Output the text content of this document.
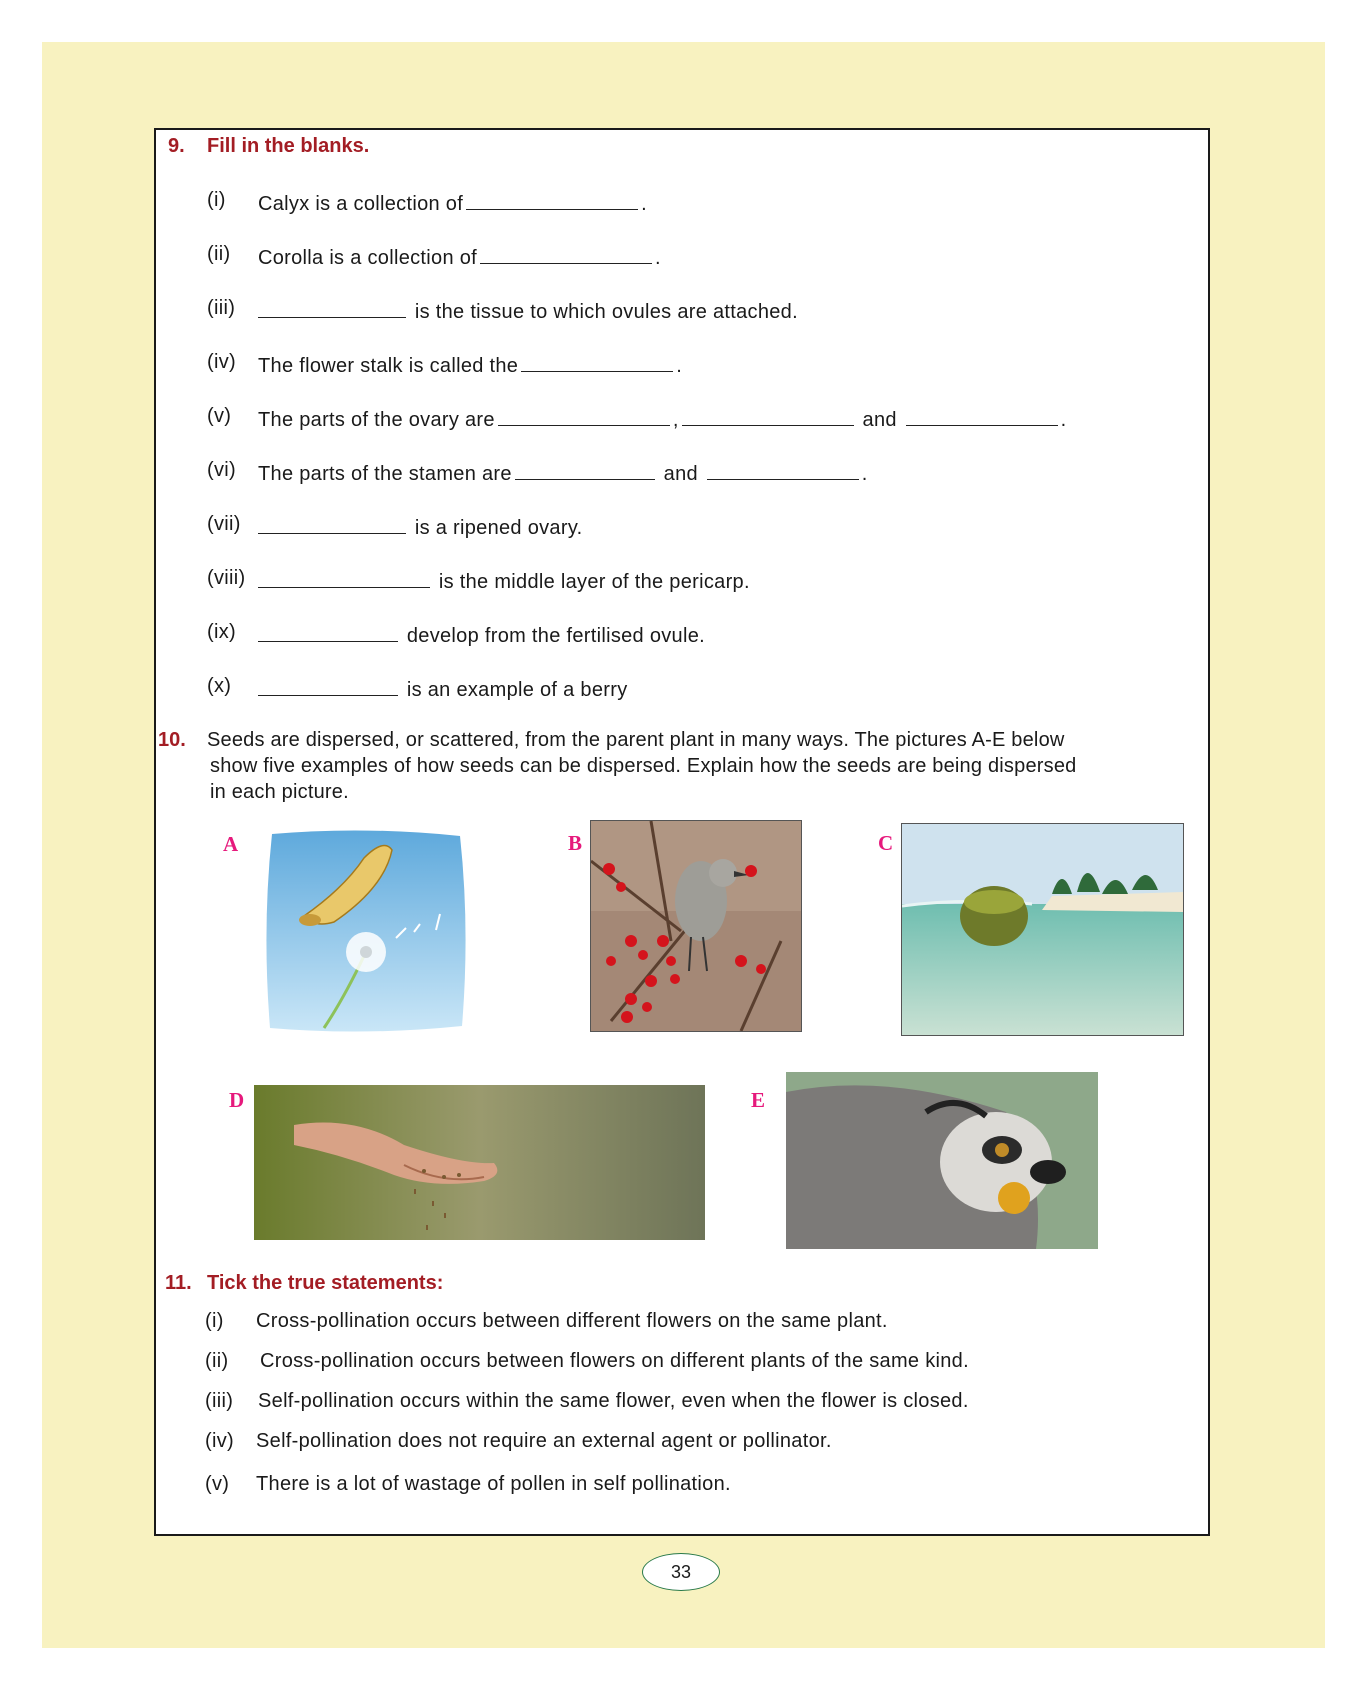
9. Fill in the blanks.
(i) Calyx is a collection of	.
(ii) Corolla is a collection of	.
(iii)	is the tissue to which ovules are attached.
(iv) The flower stalk is called the	.
(v) The parts of the ovary are	,	and	.
(vi) The parts of the stamen are	and	.
(vii)	is a ripened ovary.
(viii)	is the middle layer of the pericarp.
(ix)	develop from the fertilised ovule.
(x)	is an example of a berry
10. Seeds are dispersed, or scattered, from the parent plant in many ways. The pictures A-E below
show five examples of how seeds can be dispersed. Explain how the seeds are being dispersed
in each picture.
A	B	C
D	E
11. Tick the true statements:
(i) Cross-pollination occurs between different flowers on the same plant.
(ii) Cross-pollination occurs between flowers on different plants of the same kind.
(iii) Self-pollination occurs within the same flower, even when the flower is closed.
(iv) Self-pollination does not require an external agent or pollinator.
(v) There is a lot of wastage of pollen in self pollination.
33
